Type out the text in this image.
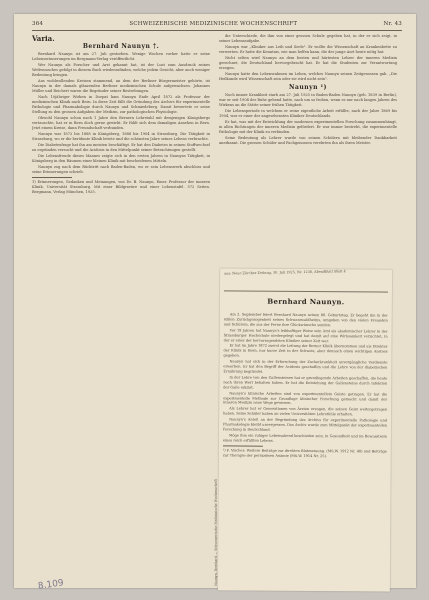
364	SCHWEIZERISCHE MEDIZINISCHE WOCHENSCHRIFT	Nr. 43
Varia.
Bernhard Naunyn †.

Bernhard Naunyn ist am 27. Juli gestorben. Wenige Wochen vorher hatte er seine Lebenserinnerungen im Bergmann-Verlag veröffentlicht.

Wer Naunyn als Forscher und Arzt gekannt hat, ist der Lust zum Ausdruck seines Weltwunsches gefolgt in diesem Buch wiederzufinden, welche jedem Gesicht, aber auch weniger Bedeutung bringen.

Aus wohlwollenden Kreisen stammend, an dem der Berliner Bürgermeister gehörte, ist Naunyn in der damals glänzenden Berliner medizinischen Schule aufgewachsen. Johannes Müller und Reichert waren die Begründer seiner Bestrebungen.

Nach 10jähriger Wirken in Dorpat kam Naunyn Ende April 1872 als Professor der medizinischen Klinik nach Bern. In diese Zeit fällt die Gründung des Archivs für experimentelle Pathologie und Pharmakologie durch Naunyn und Schmiedeberg. Damit bewertete er seine Stellung zu den grossen Aufgaben der Medizin, zur pathologischen Physiologie.

Obwohl Naunyn schon nach 1 Jahre den Bernern Lehrstuhl mit demjenigen Königsbergs vertauschte, hat er in Bern doch gerne gewirkt. Er fühlt sich dem damaligen Ansehen in Bern. Jetzt einem Kreise, dann Freundschaft verbunden.

Naunyn war 1872 bis 1888 in Königsberg, 1888 bis 1904 in Strassburg. Die Tätigkeit in Strassburg, wo er die berühmte Klinik leitete und die schönsten Jahre seines Lebens verbrachte.

Die Diabetesfrage hat ihn am meisten beschäftigt. Er hat den Diabetes in seinen Stoffwechsel zu ergründen versucht und die Acidosis in den Mittelpunkt seiner Betrachtungen gestellt.

Die Lebensfreude dieses Mannes zeigte sich in den ersten Jahren in Naunyns Tätigkeit, in Königsberg in den Räumen einer kleinen Klinik mit bescheidenen Mitteln.

Naunyn zog nach dem Rücktritt nach Baden-Baden, wo er sein Lebenswerk abschloss und seine Erinnerungen schrieb.

1) Erinnerungen, Gedanken und Meinungen, von Dr. B. Naunyn, Emer. Professor der inneren Klinik, Universität Strassburg. Mit einer Bildgravüre und einer Lebenstafel. 572 Seiten. Bergmann, Verlag München, 1925.

die Unterschiede, die ihm von einer grossen Schule gegeben hat, in der er sich zeigt, in seiner Lebensaufgabe.

Naunyn war „Kliniker aus Leib und Seele". Er wollte die Wissenschaft an Krankenbette zu verwerten. Er hatte die Kenntnis, wie man helfen kann, die der junge Arzt heute nötig hat.

Nicht selten wird Naunyn an dem besten und härtesten Lehrer der inneren Medizin gerechnet, die Deutschland hervorgebracht hat. Er hat die Studenten zur Verantwortung erzogen.

Naunyn hatte den Lebensrahmen im Leben, welches Naunyn seinen Zeitgenossen gab. „Die Heilkunde wird Wissenschaft sein oder sie wird nicht sein".

Naunyn ¹)

Noch immer Krankheit starb am 27. Juli 1925 in Baden-Baden Naunyn (geb. 1839 in Berlin), war er seit 1904 der Ruhe gehend hatte, nach um so frohen, wenn es nur nach langen Jahren des Wirkens an die Stätte seiner frühen Tätigkeit.

Die Lebensperiode in welchem er seine eigentliche Arbeit erfüllte, nach der Jahre 1869 bis 1904, war er einer der angesehensten Kliniker Deutschlands.

Er hat, was mit der Entwicklung der modernen experimentellen Forschung zusammenhängt, in allen Richtungen der inneren Medizin gefördert. Er war immer bestrebt, die experimentelle Pathologie mit der Klinik zu verbinden.

Seine Bedeutung als Lehrer wurde von seinen Schülern mit bleibender Dankbarkeit anerkannt. Die grossen Schüler und Fachgenossen verehrten ihn als ihren Meister.

Naunyn, Bernhard — Schweizerische Medizinische Wochenschrift
aus: Neue Zürcher Zeitung, 30. Juli 1925, Nr. 1238, Abendblatt Blatt 4
Bernhard Naunyn.

Am 2. September feiert Bernhard Naunyn seinen 80. Geburtstag. Er begeht ihn in der stillen Zurückgezogenheit seines Schwarzwaldheims, umgeben von den vielen Freunden und Schülern, die aus der Ferne ihre Glückwünsche senden.

Vor 19 Jahren hat Naunyn's leibhaftiger Weise sein Amt als akademischer Lehrer in der Strassburger Hochschule niedergelegt und hat damit auf eine Wirksamkeit verzichtet, in der er einer der hervorragendsten Kliniker seiner Zeit war.

Er hat im Jahre 1872 zuerst die Leitung der Berner Klinik übernommen und als Direktor der Klinik in Bern, nur kurze Zeit in der Schweiz, aber dennoch einen wichtigen Anstoss gegeben.

Naunyn hat sich in der Erforschung der Zuckerkrankheit unvergängliche Verdienste erworben. Er hat den Begriff der Acidosis geschaffen und die Lehre von der diabetischen Ernährung begründet.

In der Lehre von den Gallensteinen hat er grundlegende Arbeiten geschaffen, die heute noch ihren Wert behalten haben. Er hat die Entstehung der Gallensteine durch Infektion der Galle erklärt.

Naunyn's klinische Arbeiten sind von experimentellem Geiste getragen. Er hat die experimentelle Methode zur Grundlage klinischer Forschung gemacht und damit der inneren Medizin neue Wege gewiesen.

Als Lehrer hat er Generationen von Ärzten erzogen, die seinen Geist weitergetragen haben. Seine Schüler haben an vielen Universitäten Lehrstühle erhalten.

Naunyn's Anteil an der Begründung des Archivs für experimentelle Pathologie und Pharmakologie bleibt unvergessen. Das Archiv wurde zum Mittelpunkt der experimentellen Forschung in Deutschland.

Möge ihm ein ruhiger Lebensabend beschieden sein, in Gesundheit und im Bewusstsein eines reich erfüllten Lebens.

¹) F. Vischer: Weitere Beiträge zur direkten Blutmessung. (Mü.W. 1912 Nr. 40) und Beiträge zur Therapie der perniziösen Anämie (Mü.W. 1914 Nr. 25).

8.109
